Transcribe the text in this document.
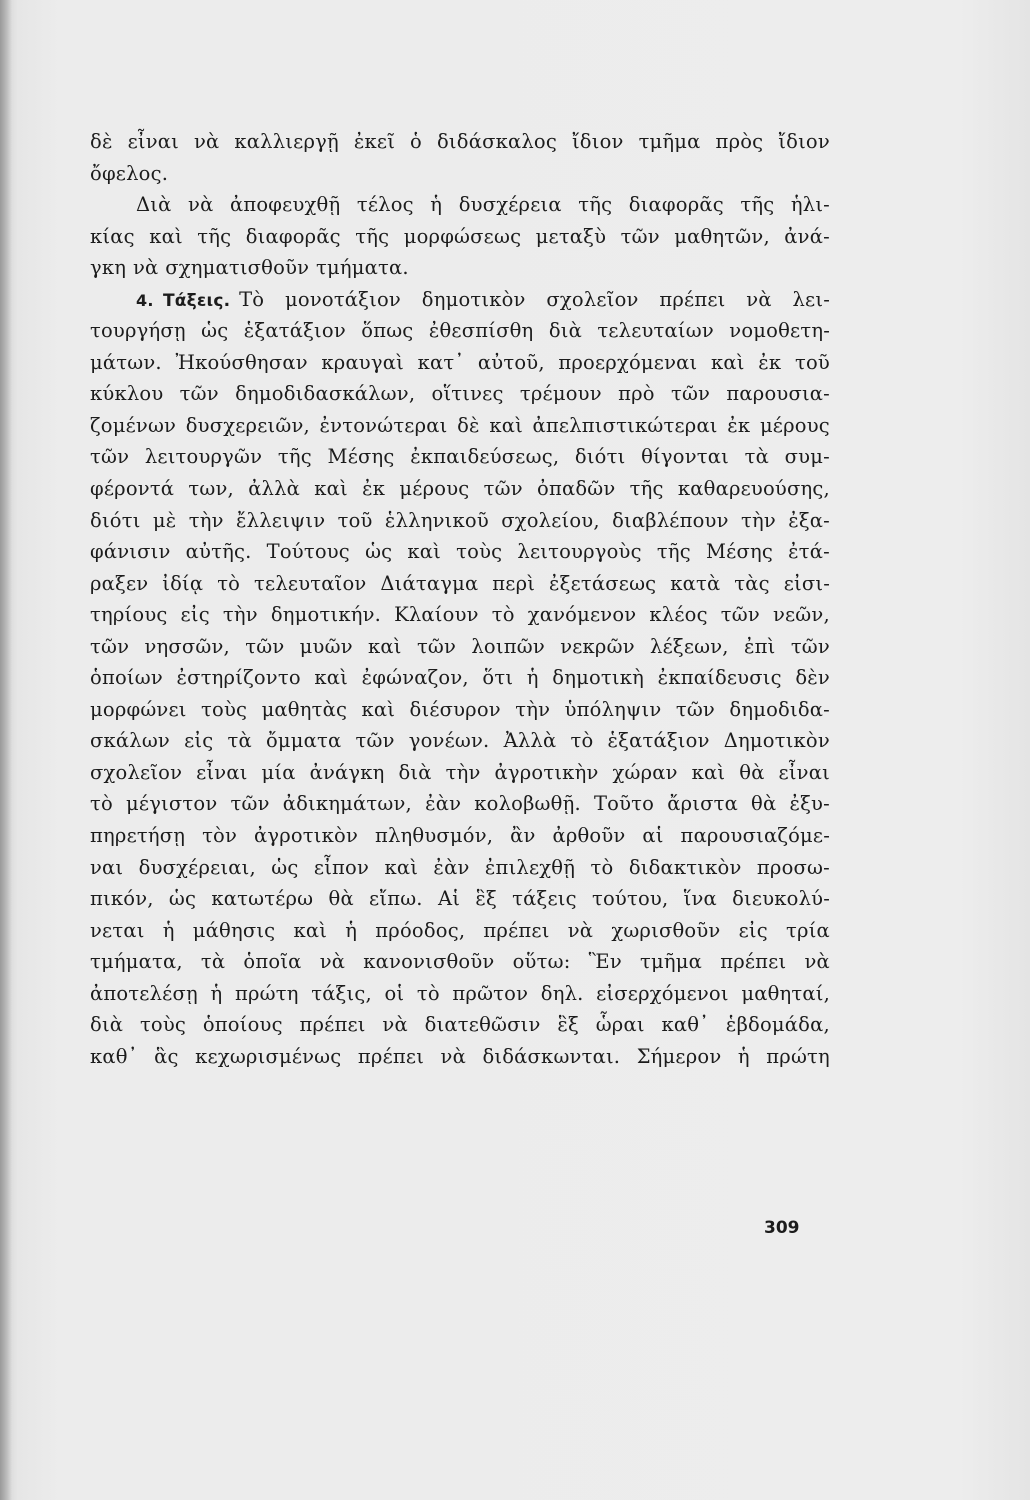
δὲ εἶναι νὰ καλλιεργῇ ἐκεῖ ὁ διδάσκαλος ἴδιον τμῆμα πρὸς ἴδιον
ὄφελος.
Διὰ νὰ ἀποφευχθῇ τέλος ἡ δυσχέρεια τῆς διαφορᾶς τῆς ἡλι-
κίας καὶ τῆς διαφορᾶς τῆς μορφώσεως μεταξὺ τῶν μαθητῶν, ἀνά-
γκη νὰ σχηματισθοῦν τμήματα.
4. Τάξεις. Τὸ μονοτάξιον δημοτικὸν σχολεῖον πρέπει νὰ λει-
τουργήσῃ ὡς ἑξατάξιον ὅπως ἐθεσπίσθη διὰ τελευταίων νομοθετη-
μάτων. Ἠκούσθησαν κραυγαὶ κατ᾽ αὐτοῦ, προερχόμεναι καὶ ἐκ τοῦ
κύκλου τῶν δημοδιδασκάλων, οἵτινες τρέμουν πρὸ τῶν παρουσια-
ζομένων δυσχερειῶν, ἐντονώτεραι δὲ καὶ ἀπελπιστικώτεραι ἐκ μέρους
τῶν λειτουργῶν τῆς Μέσης ἐκπαιδεύσεως, διότι θίγονται τὰ συμ-
φέροντά των, ἀλλὰ καὶ ἐκ μέρους τῶν ὀπαδῶν τῆς καθαρευούσης,
διότι μὲ τὴν ἔλλειψιν τοῦ ἑλληνικοῦ σχολείου, διαβλέπουν τὴν ἐξα-
φάνισιν αὐτῆς. Τούτους ὡς καὶ τοὺς λειτουργοὺς τῆς Μέσης ἐτά-
ραξεν ἰδίᾳ τὸ τελευταῖον Διάταγμα περὶ ἐξετάσεως κατὰ τὰς εἰσι-
τηρίους εἰς τὴν δημοτικήν. Κλαίουν τὸ χανόμενον κλέος τῶν νεῶν,
τῶν νησσῶν, τῶν μυῶν καὶ τῶν λοιπῶν νεκρῶν λέξεων, ἐπὶ τῶν
ὁποίων ἐστηρίζοντο καὶ ἐφώναζον, ὅτι ἡ δημοτικὴ ἐκπαίδευσις δὲν
μορφώνει τοὺς μαθητὰς καὶ διέσυρον τὴν ὑπόληψιν τῶν δημοδιδα-
σκάλων εἰς τὰ ὄμματα τῶν γονέων. Ἀλλὰ τὸ ἑξατάξιον Δημοτικὸν
σχολεῖον εἶναι μία ἀνάγκη διὰ τὴν ἀγροτικὴν χώραν καὶ θὰ εἶναι
τὸ μέγιστον τῶν ἀδικημάτων, ἐὰν κολοβωθῇ. Τοῦτο ἄριστα θὰ ἐξυ-
πηρετήσῃ τὸν ἀγροτικὸν πληθυσμόν, ἂν ἀρθοῦν αἱ παρουσιαζόμε-
ναι δυσχέρειαι, ὡς εἶπον καὶ ἐὰν ἐπιλεχθῇ τὸ διδακτικὸν προσω-
πικόν, ὡς κατωτέρω θὰ εἴπω. Αἱ ἓξ τάξεις τούτου, ἵνα διευκολύ-
νεται ἡ μάθησις καὶ ἡ πρόοδος, πρέπει νὰ χωρισθοῦν εἰς τρία
τμήματα, τὰ ὁποῖα νὰ κανονισθοῦν οὕτω: Ἓν τμῆμα πρέπει νὰ
ἀποτελέσῃ ἡ πρώτη τάξις, οἱ τὸ πρῶτον δηλ. εἰσερχόμενοι μαθηταί,
διὰ τοὺς ὁποίους πρέπει νὰ διατεθῶσιν ἓξ ὧραι καθ᾽ ἑβδομάδα,
καθ᾽ ἃς κεχωρισμένως πρέπει νὰ διδάσκωνται. Σήμερον ἡ πρώτη
309
